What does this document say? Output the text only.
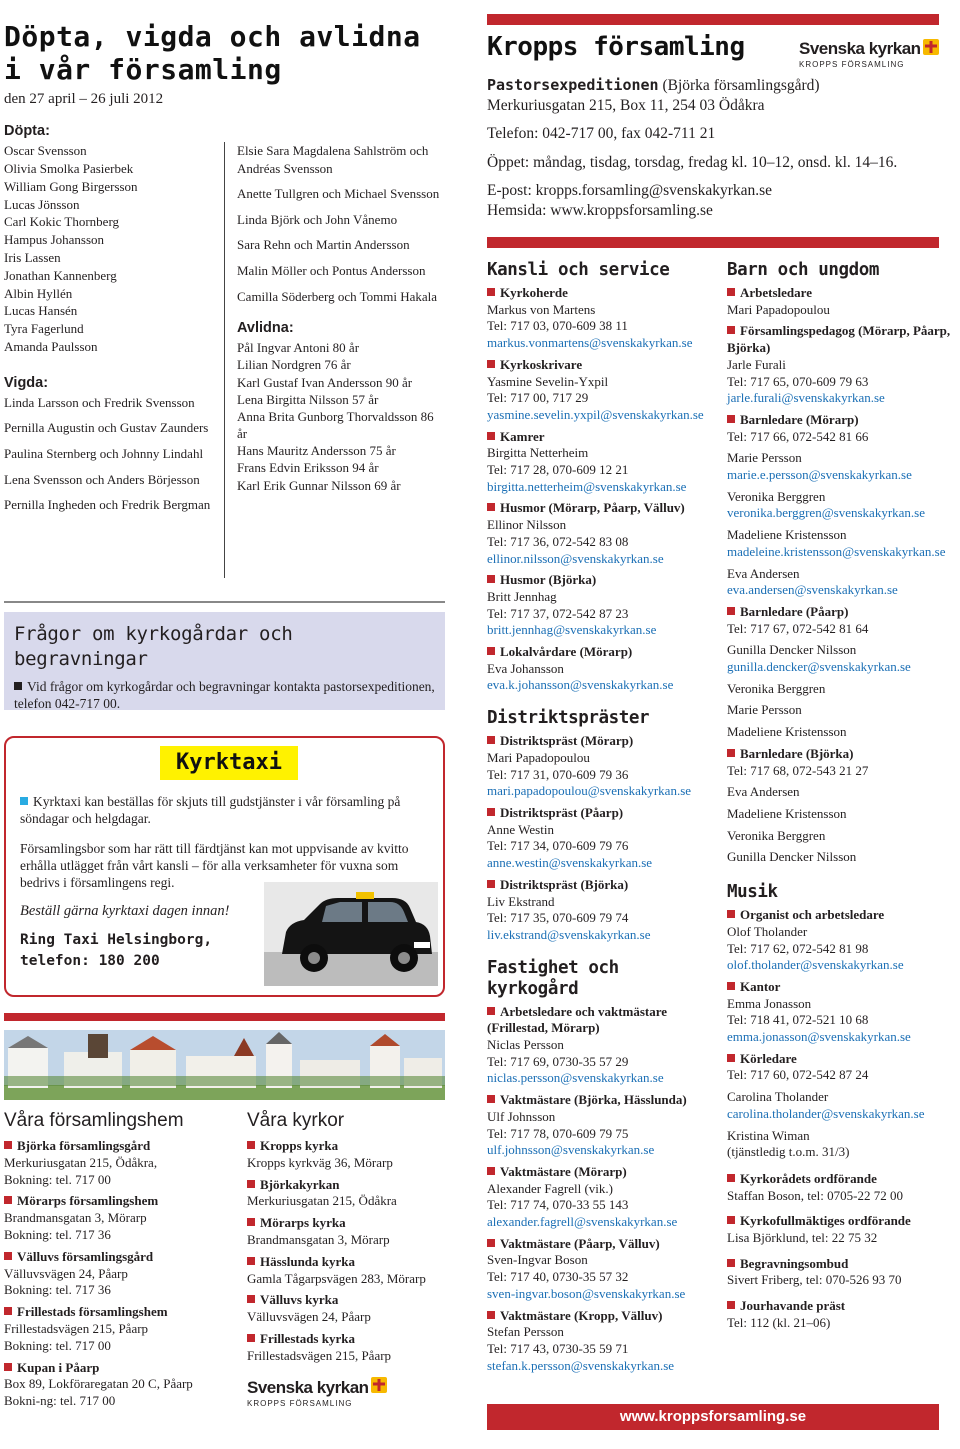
Döpta, vigda och avlidna
i vår församling
den 27 april – 26 juli 2012
Döpta:
Oscar Svensson
Olivia Smolka Pasierbek
William Gong Birgersson
Lucas Jönsson
Carl Kokic Thornberg
Hampus Johansson
Iris Lassen
Jonathan Kannenberg
Albin Hyllén
Lucas Hansén
Tyra Fagerlund
Amanda Paulsson
Vigda:
Linda Larsson och Fredrik Svensson
Pernilla Augustin och Gustav Zaunders
Paulina Sternberg och Johnny Lindahl
Lena Svensson och Anders Börjesson
Pernilla Ingheden och Fredrik Bergman
Elsie Sara Magdalena Sahlström och Andréas Svensson
Anette Tullgren och Michael Svensson
Linda Björk och John Vånemo
Sara Rehn och Martin Andersson
Malin Möller och Pontus Andersson
Camilla Söderberg och Tommi Hakala
Avlidna:
Pål Ingvar Antoni 80 år
Lilian Nordgren 76 år
Karl Gustaf Ivan Andersson 90 år
Lena Birgitta Nilsson 57 år
Anna Brita Gunborg Thorvaldsson 86 år
Hans Mauritz Andersson 75 år
Frans Edvin Eriksson 94 år
Karl Erik Gunnar Nilsson 69 år
Frågor om kyrkogårdar och begravningar

Vid frågor om kyrkogårdar och begravningar kontakta pastorsexpeditionen, telefon 042-717 00.

Kyrktaxi

Kyrktaxi kan beställas för skjuts till gudstjänster i vår församling på söndagar och helgdagar.

Församlingsbor som har rätt till färdtjänst kan mot uppvisande av kvitto erhålla utlägget från vårt kansli – för alla verksamheter för vuxna som bedrivs i församlingens regi.

Beställ gärna kyrktaxi dagen innan!

Ring Taxi Helsingborg,
telefon: 180 200
Våra församlingshem
Björka församlingsgård
Merkuriusgatan 215, Ödåkra,
Bokning: tel. 717 00
Mörarps församlingshem
Brandmansgatan 3, Mörarp
Bokning: tel. 717 36
Välluvs församlingsgård
Välluvsvägen 24, Påarp
Bokning: tel. 717 36
Frillestads församlingshem
Frillestadsvägen 215, Påarp
Bokning: tel. 717 00
Kupan i Påarp
Box 89, Lokföraregatan 20 C, Påarp
Bokni-ng: tel. 717 00
Våra kyrkor
Kropps kyrka
Kropps kyrkväg 36, Mörarp
Björkakyrkan
Merkuriusgatan 215, Ödåkra
Mörarps kyrka
Brandmansgatan 3, Mörarp
Hässlunda kyrka
Gamla Tågarpsvägen 283, Mörarp
Välluvs kyrka
Välluvsvägen 24, Påarp
Frillestads kyrka
Frillestadsvägen 215, Påarp
Svenska kyrkan
KROPPS FÖRSAMLING
Kropps församling	Svenska kyrkan
KROPPS FÖRSAMLING
Pastorsexpeditionen (Björka församlingsgård)
Merkuriusgatan 215, Box 11, 254 03 Ödåkra
Telefon: 042-717 00, fax 042-711 21
Öppet: måndag, tisdag, torsdag, fredag kl. 10–12, onsd. kl. 14–16.
E-post: kropps.forsamling@svenskakyrkan.se
Hemsida: www.kroppsforsamling.se
Kansli och service
Kyrkoherde
Markus von Martens
Tel: 717 03, 070-609 38 11
markus.vonmartens@svenskakyrkan.se
Kyrkoskrivare
Yasmine Sevelin-Yxpil
Tel: 717 00, 717 29
yasmine.sevelin.yxpil@svenskakyrkan.se
Kamrer
Birgitta Netterheim
Tel: 717 28, 070-609 12 21
birgitta.netterheim@svenskakyrkan.se
Husmor (Mörarp, Påarp, Välluv)
Ellinor Nilsson
Tel: 717 36, 072-542 83 08
ellinor.nilsson@svenskakyrkan.se
Husmor (Björka)
Britt Jennhag
Tel: 717 37, 072-542 87 23
britt.jennhag@svenskakyrkan.se
Lokalvårdare (Mörarp)
Eva Johansson
eva.k.johansson@svenskakyrkan.se
Distriktspräster
Distriktspräst (Mörarp)
Mari Papadopoulou
Tel: 717 31, 070-609 79 36
mari.papadopoulou@svenskakyrkan.se
Distriktspräst (Påarp)
Anne Westin
Tel: 717 34, 070-609 79 76
anne.westin@svenskakyrkan.se
Distriktspräst (Björka)
Liv Ekstrand
Tel: 717 35, 070-609 79 74
liv.ekstrand@svenskakyrkan.se
Fastighet och
kyrkogård
Arbetsledare och vaktmästare (Frillestad, Mörarp)
Niclas Persson
Tel: 717 69, 0730-35 57 29
niclas.persson@svenskakyrkan.se
Vaktmästare (Björka, Hässlunda)
Ulf Johnsson
Tel: 717 78, 070-609 79 75
ulf.johnsson@svenskakyrkan.se
Vaktmästare (Mörarp)
Alexander Fagrell (vik.)
Tel: 717 74, 070-33 55 143
alexander.fagrell@svenskakyrkan.se
Vaktmästare (Påarp, Välluv)
Sven-Ingvar Boson
Tel: 717 40, 0730-35 57 32
sven-ingvar.boson@svenskakyrkan.se
Vaktmästare (Kropp, Välluv)
Stefan Persson
Tel: 717 43, 0730-35 59 71
stefan.k.persson@svenskakyrkan.se
Barn och ungdom
Arbetsledare
Mari Papadopoulou
Församlingspedagog (Mörarp, Påarp, Björka)
Jarle Furali
Tel: 717 65, 070-609 79 63
jarle.furali@svenskakyrkan.se
Barnledare (Mörarp)
Tel: 717 66, 072-542 81 66
Marie Persson
marie.e.persson@svenskakyrkan.se
Veronika Berggren
veronika.berggren@svenskakyrkan.se
Madeliene Kristensson
madeleine.kristensson@svenskakyrkan.se
Eva Andersen
eva.andersen@svenskakyrkan.se
Barnledare (Påarp)
Tel: 717 67, 072-542 81 64
Gunilla Dencker Nilsson
gunilla.dencker@svenskakyrkan.se
Veronika Berggren
Marie Persson
Madeliene Kristensson
Barnledare (Björka)
Tel: 717 68, 072-543 21 27
Eva Andersen
Madeliene Kristensson
Veronika Berggren
Gunilla Dencker Nilsson
Musik
Organist och arbetsledare
Olof Tholander
Tel: 717 62, 072-542 81 98
olof.tholander@svenskakyrkan.se
Kantor
Emma Jonasson
Tel: 718 41, 072-521 10 68
emma.jonasson@svenskakyrkan.se
Körledare
Tel: 717 60, 072-542 87 24
Carolina Tholander
carolina.tholander@svenskakyrkan.se
Kristina Wiman
(tjänstledig t.o.m. 31/3)
Kyrkorådets ordförande
Staffan Boson, tel: 0705-22 72 00
Kyrkofullmäktiges ordförande
Lisa Björklund, tel: 22 75 32
Begravningsombud
Sivert Friberg, tel: 070-526 93 70
Jourhavande präst
Tel: 112 (kl. 21–06)
www.kroppsforsamling.se
